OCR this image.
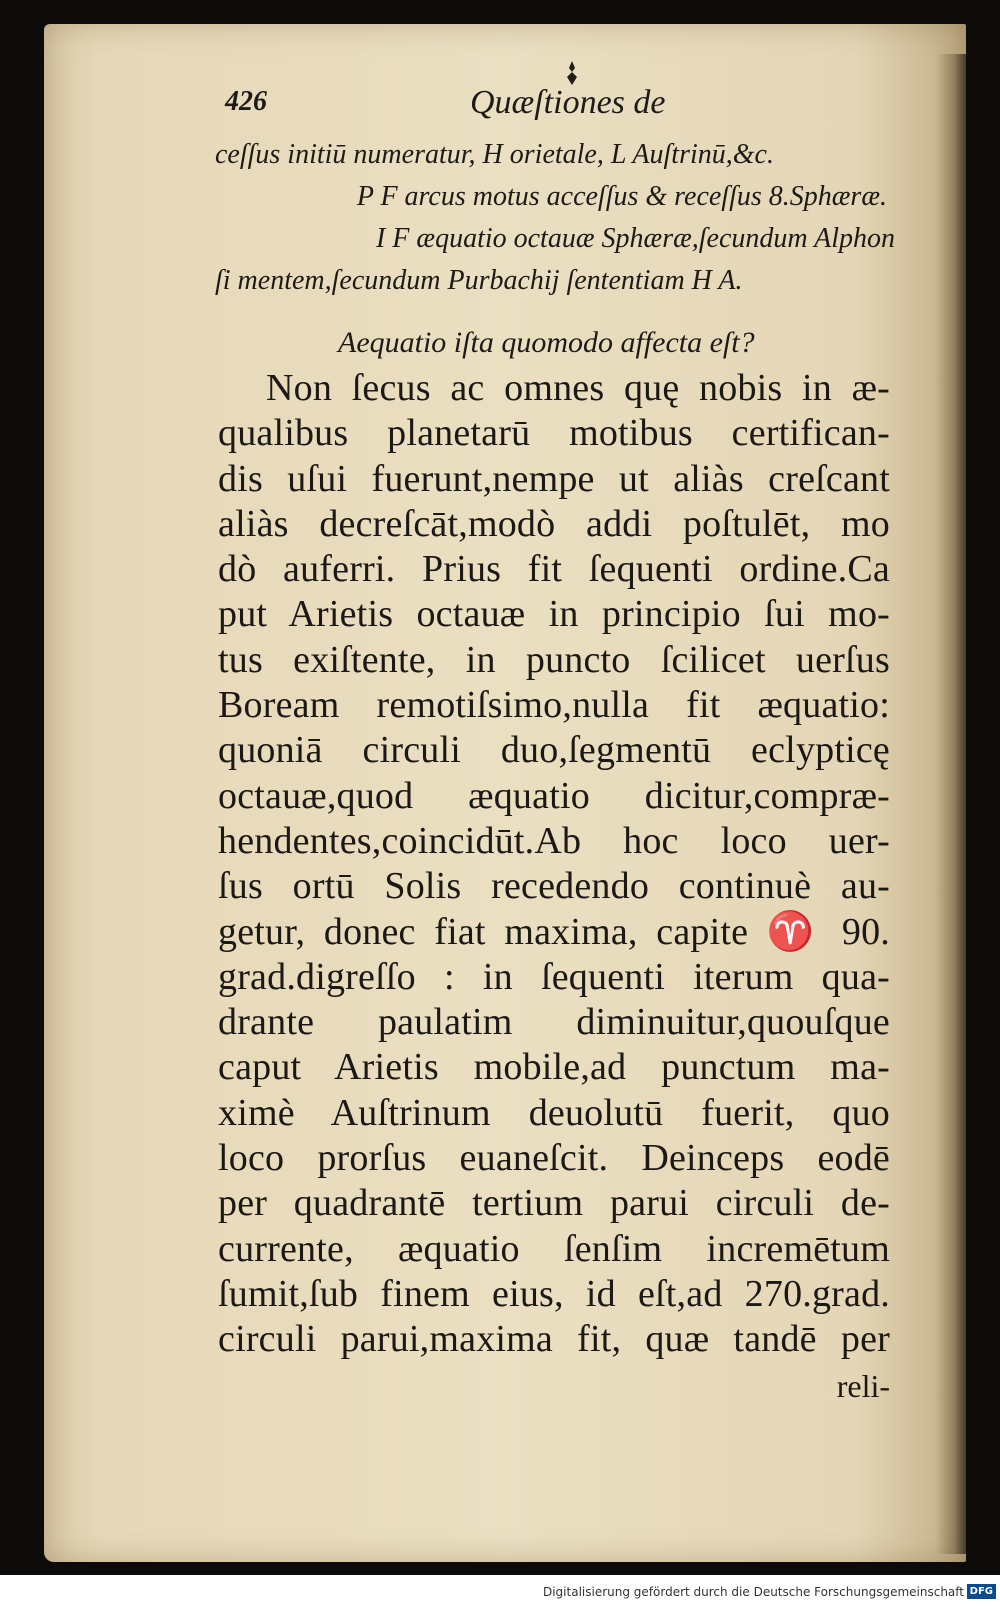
426	Quæſtiones de
ceſſus initiū numeratur, H orietale, L Auſtrinū,&c.
P F arcus motus acceſſus & receſſus 8.Sphæræ.
I F æquatio octauæ Sphæræ,ſecundum Alphon
ſi mentem,ſecundum Purbachij ſententiam H A.
Aequatio iſta quomodo affecta eſt?
Non ſecus ac omnes quę nobis in æ-
qualibus planetarū motibus certifican-
dis uſui fuerunt,nempe ut aliàs creſcant
aliàs decreſcāt,modò addi poſtulēt, mo
dò auferri. Prius fit ſequenti ordine.Ca
put Arietis octauæ in principio ſui mo-
tus exiſtente, in puncto ſcilicet uerſus
Boream remotiſsimo,nulla fit æquatio:
quoniā circuli duo,ſegmentū eclypticę
octauæ,quod æquatio dicitur,compræ-
hendentes,coincidūt.Ab hoc loco uer-
ſus ortū Solis recedendo continuè au-
getur, donec fiat maxima, capite ♈ 90.
grad.digreſſo : in ſequenti iterum qua-
drante paulatim diminuitur,quouſque
caput Arietis mobile,ad punctum ma-
ximè Auſtrinum deuolutū fuerit, quo
loco prorſus euaneſcit. Deinceps eodē
per quadrantē tertium parui circuli de-
currente, æquatio ſenſim incremētum
ſumit,ſub finem eius, id eſt,ad 270.grad.
circuli parui,maxima fit, quæ tandē per
reli-
Digitalisierung gefördert durch die Deutsche Forschungsgemeinschaft DFG
